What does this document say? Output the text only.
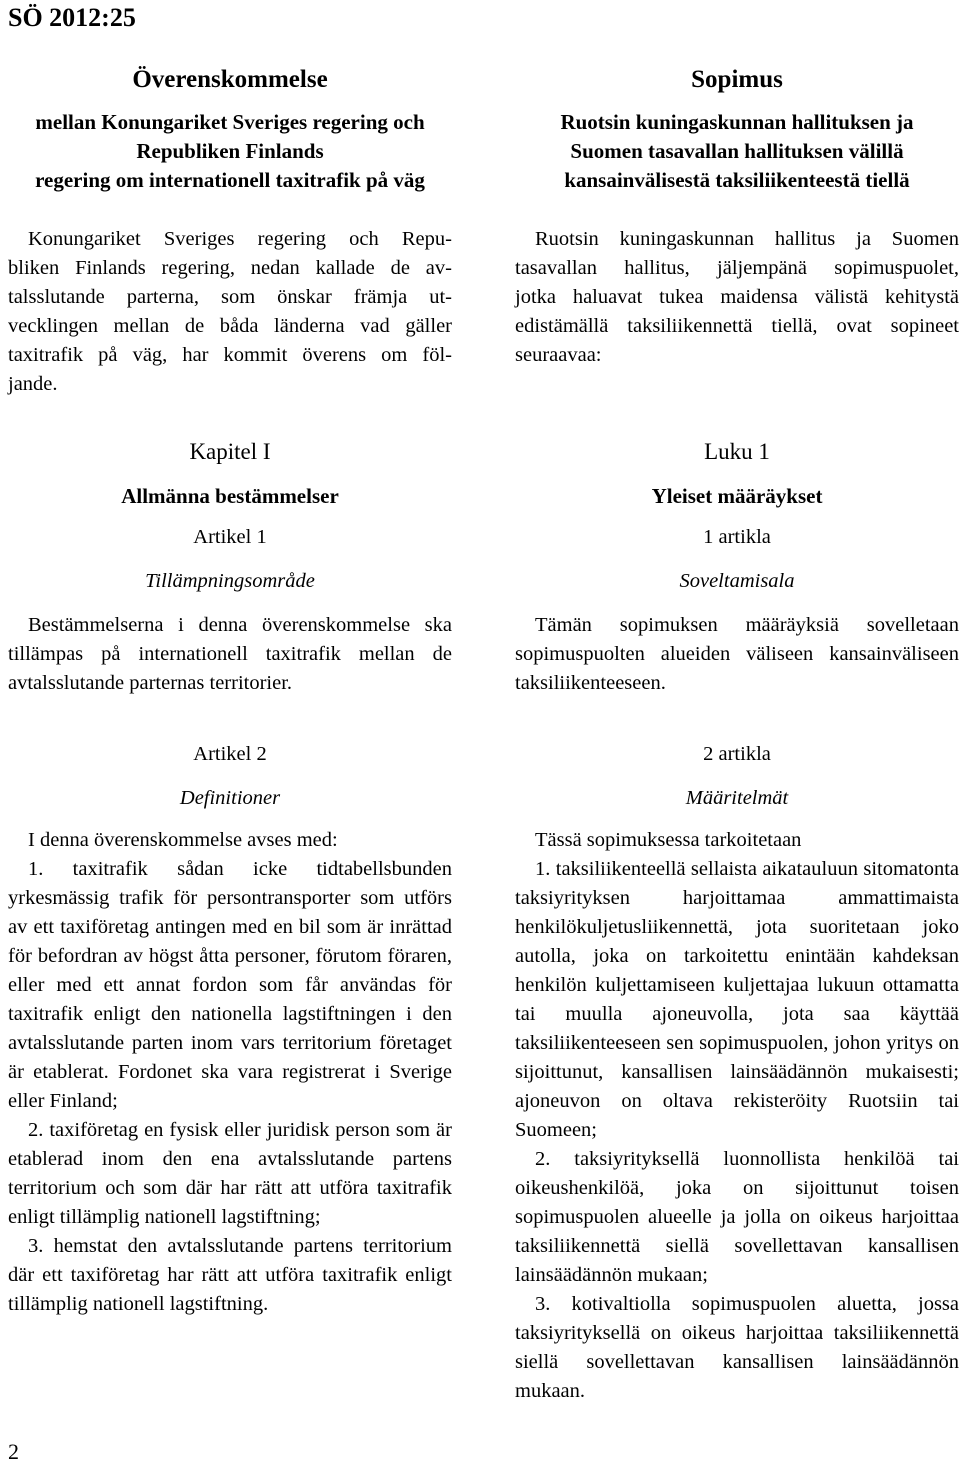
SÖ 2012:25
Överenskommelse
mellan Konungariket Sveriges regering och
Republiken Finlands
regering om internationell taxitrafik på väg
Konungariket Sveriges regering och Repu-
bliken Finlands regering, nedan kallade de av-
talsslutande parterna, som önskar främja ut-
vecklingen mellan de båda länderna vad gäller
taxitrafik på väg, har kommit överens om föl-
jande.
Kapitel I
Allmänna bestämmelser
Artikel 1
Tillämpningsområde

Bestämmelserna i denna överenskommelse ska tillämpas på internationell taxitrafik mellan de avtalsslutande parternas territorier.

Artikel 2
Definitioner

I denna överenskommelse avses med:

1. taxitrafik sådan icke tidtabellsbunden yrkesmässig trafik för persontransporter som utförs av ett taxiföretag antingen med en bil som är inrättad för befordran av högst åtta personer, förutom föraren, eller med ett annat fordon som får användas för taxitrafik enligt den nationella lagstiftningen i den avtalsslutande parten inom vars territorium företaget är etablerat. Fordonet ska vara registrerat i Sverige eller Finland;

2. taxiföretag en fysisk eller juridisk person som är etablerad inom den ena avtalsslutande partens territorium och som där har rätt att utföra taxitrafik enligt tillämplig nationell lagstiftning;

3. hemstat den avtalsslutande partens territorium där ett taxiföretag har rätt att utföra taxitrafik enligt tillämplig nationell lagstiftning.

Sopimus
Ruotsin kuningaskunnan hallituksen ja
Suomen tasavallan hallituksen välillä
kansainvälisestä taksiliikenteestä tiellä
Ruotsin kuningaskunnan hallitus ja Suomen
tasavallan hallitus, jäljempänä sopimuspuolet,
jotka haluavat tukea maidensa välistä kehitystä
edistämällä taksiliikennettä tiellä, ovat sopineet
seuraavaa:
Luku 1
Yleiset määräykset
1 artikla
Soveltamisala

Tämän sopimuksen määräyksiä sovelletaan sopimuspuolten alueiden väliseen kansainväliseen taksiliikenteeseen.

2 artikla
Määritelmät

Tässä sopimuksessa tarkoitetaan

1. taksiliikenteellä sellaista aikatauluun sitomatonta taksiyrityksen harjoittamaa ammattimaista henkilökuljetusliikennettä, jota suoritetaan joko autolla, joka on tarkoitettu enintään kahdeksan henkilön kuljettamiseen kuljettajaa lukuun ottamatta tai muulla ajoneuvolla, jota saa käyttää taksiliikenteeseen sen sopimuspuolen, johon yritys on sijoittunut, kansallisen lainsäädännön mukaisesti; ajoneuvon on oltava rekisteröity Ruotsiin tai Suomeen;

2. taksiyrityksellä luonnollista henkilöä tai oikeushenkilöä, joka on sijoittunut toisen sopimuspuolen alueelle ja jolla on oikeus harjoittaa taksiliikennettä siellä sovellettavan kansallisen lainsäädännön mukaan;

3. kotivaltiolla sopimuspuolen aluetta, jossa taksiyrityksellä on oikeus harjoittaa taksiliikennettä siellä sovellettavan kansallisen lainsäädännön mukaan.

2
